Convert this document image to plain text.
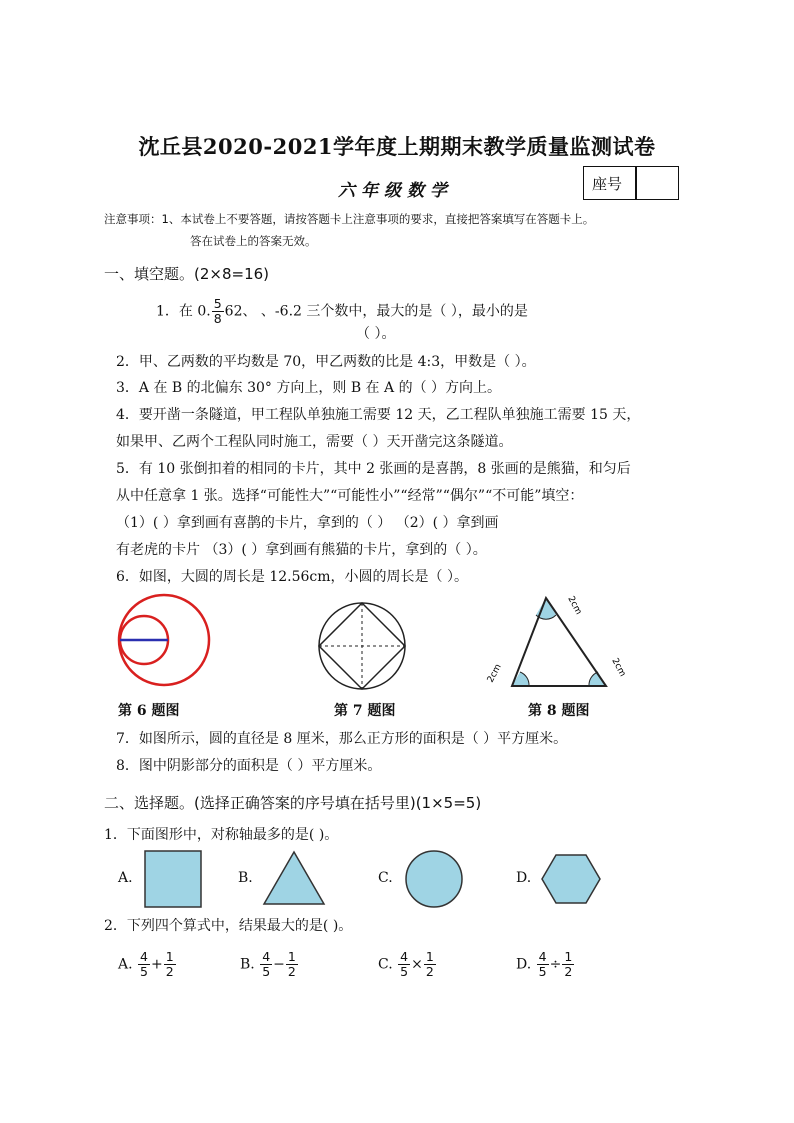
沈丘县2020-2021学年度上期期末教学质量监测试卷
六年级数学	座号
注意事项：1、本试卷上不要答题，请按答题卡上注意事项的要求，直接把答案填写在答题卡上。
答在试卷上的答案无效。
一、填空题。(2×8=16)
1．在 0. $\frac{5}{8} 62$、 、-6.2 三个数中，最大的是（ ），最小的是
（ ）。
2．甲、乙两数的平均数是 70，甲乙两数的比是 4:3，甲数是（ ）。
3．A 在 B 的北偏东 30° 方向上，则 B 在 A 的（ ）方向上。
4．要开凿一条隧道，甲工程队单独施工需要 12 天，乙工程队单独施工需要 15 天，
如果甲、乙两个工程队同时施工，需要（ ）天开凿完这条隧道。
5．有 10 张倒扣着的相同的卡片，其中 2 张画的是喜鹊，8 张画的是熊猫，和匀后
从中任意拿 1 张。选择“可能性大”“可能性小”“经常”“偶尔”“不可能”填空：
（1）( ）拿到画有喜鹊的卡片，拿到的（ ） （2）( ）拿到画
有老虎的卡片 （3）( ）拿到画有熊猫的卡片，拿到的（ ）。
6．如图，大圆的周长是 12.56cm，小圆的周长是（ ）。
第 6 题图	第 7 题图
2cm
2cm	2cm
第 8 题图
7．如图所示，圆的直径是 8 厘米，那么正方形的面积是（ ）平方厘米。
8．图中阴影部分的面积是（ ）平方厘米。
二、选择题。(选择正确答案的序号填在括号里)(1×5=5)
1．下面图形中，对称轴最多的是( )。
A.	B.	C.	D.
2．下列四个算式中，结果最大的是( )。
A. $\frac{4}{5} + \frac{1}{2}$	B. $\frac{4}{5} - \frac{1}{2}$	C. $\frac{4}{5} \times \frac{1}{2}$	D. $\frac{4}{5} \div \frac{1}{2}$
